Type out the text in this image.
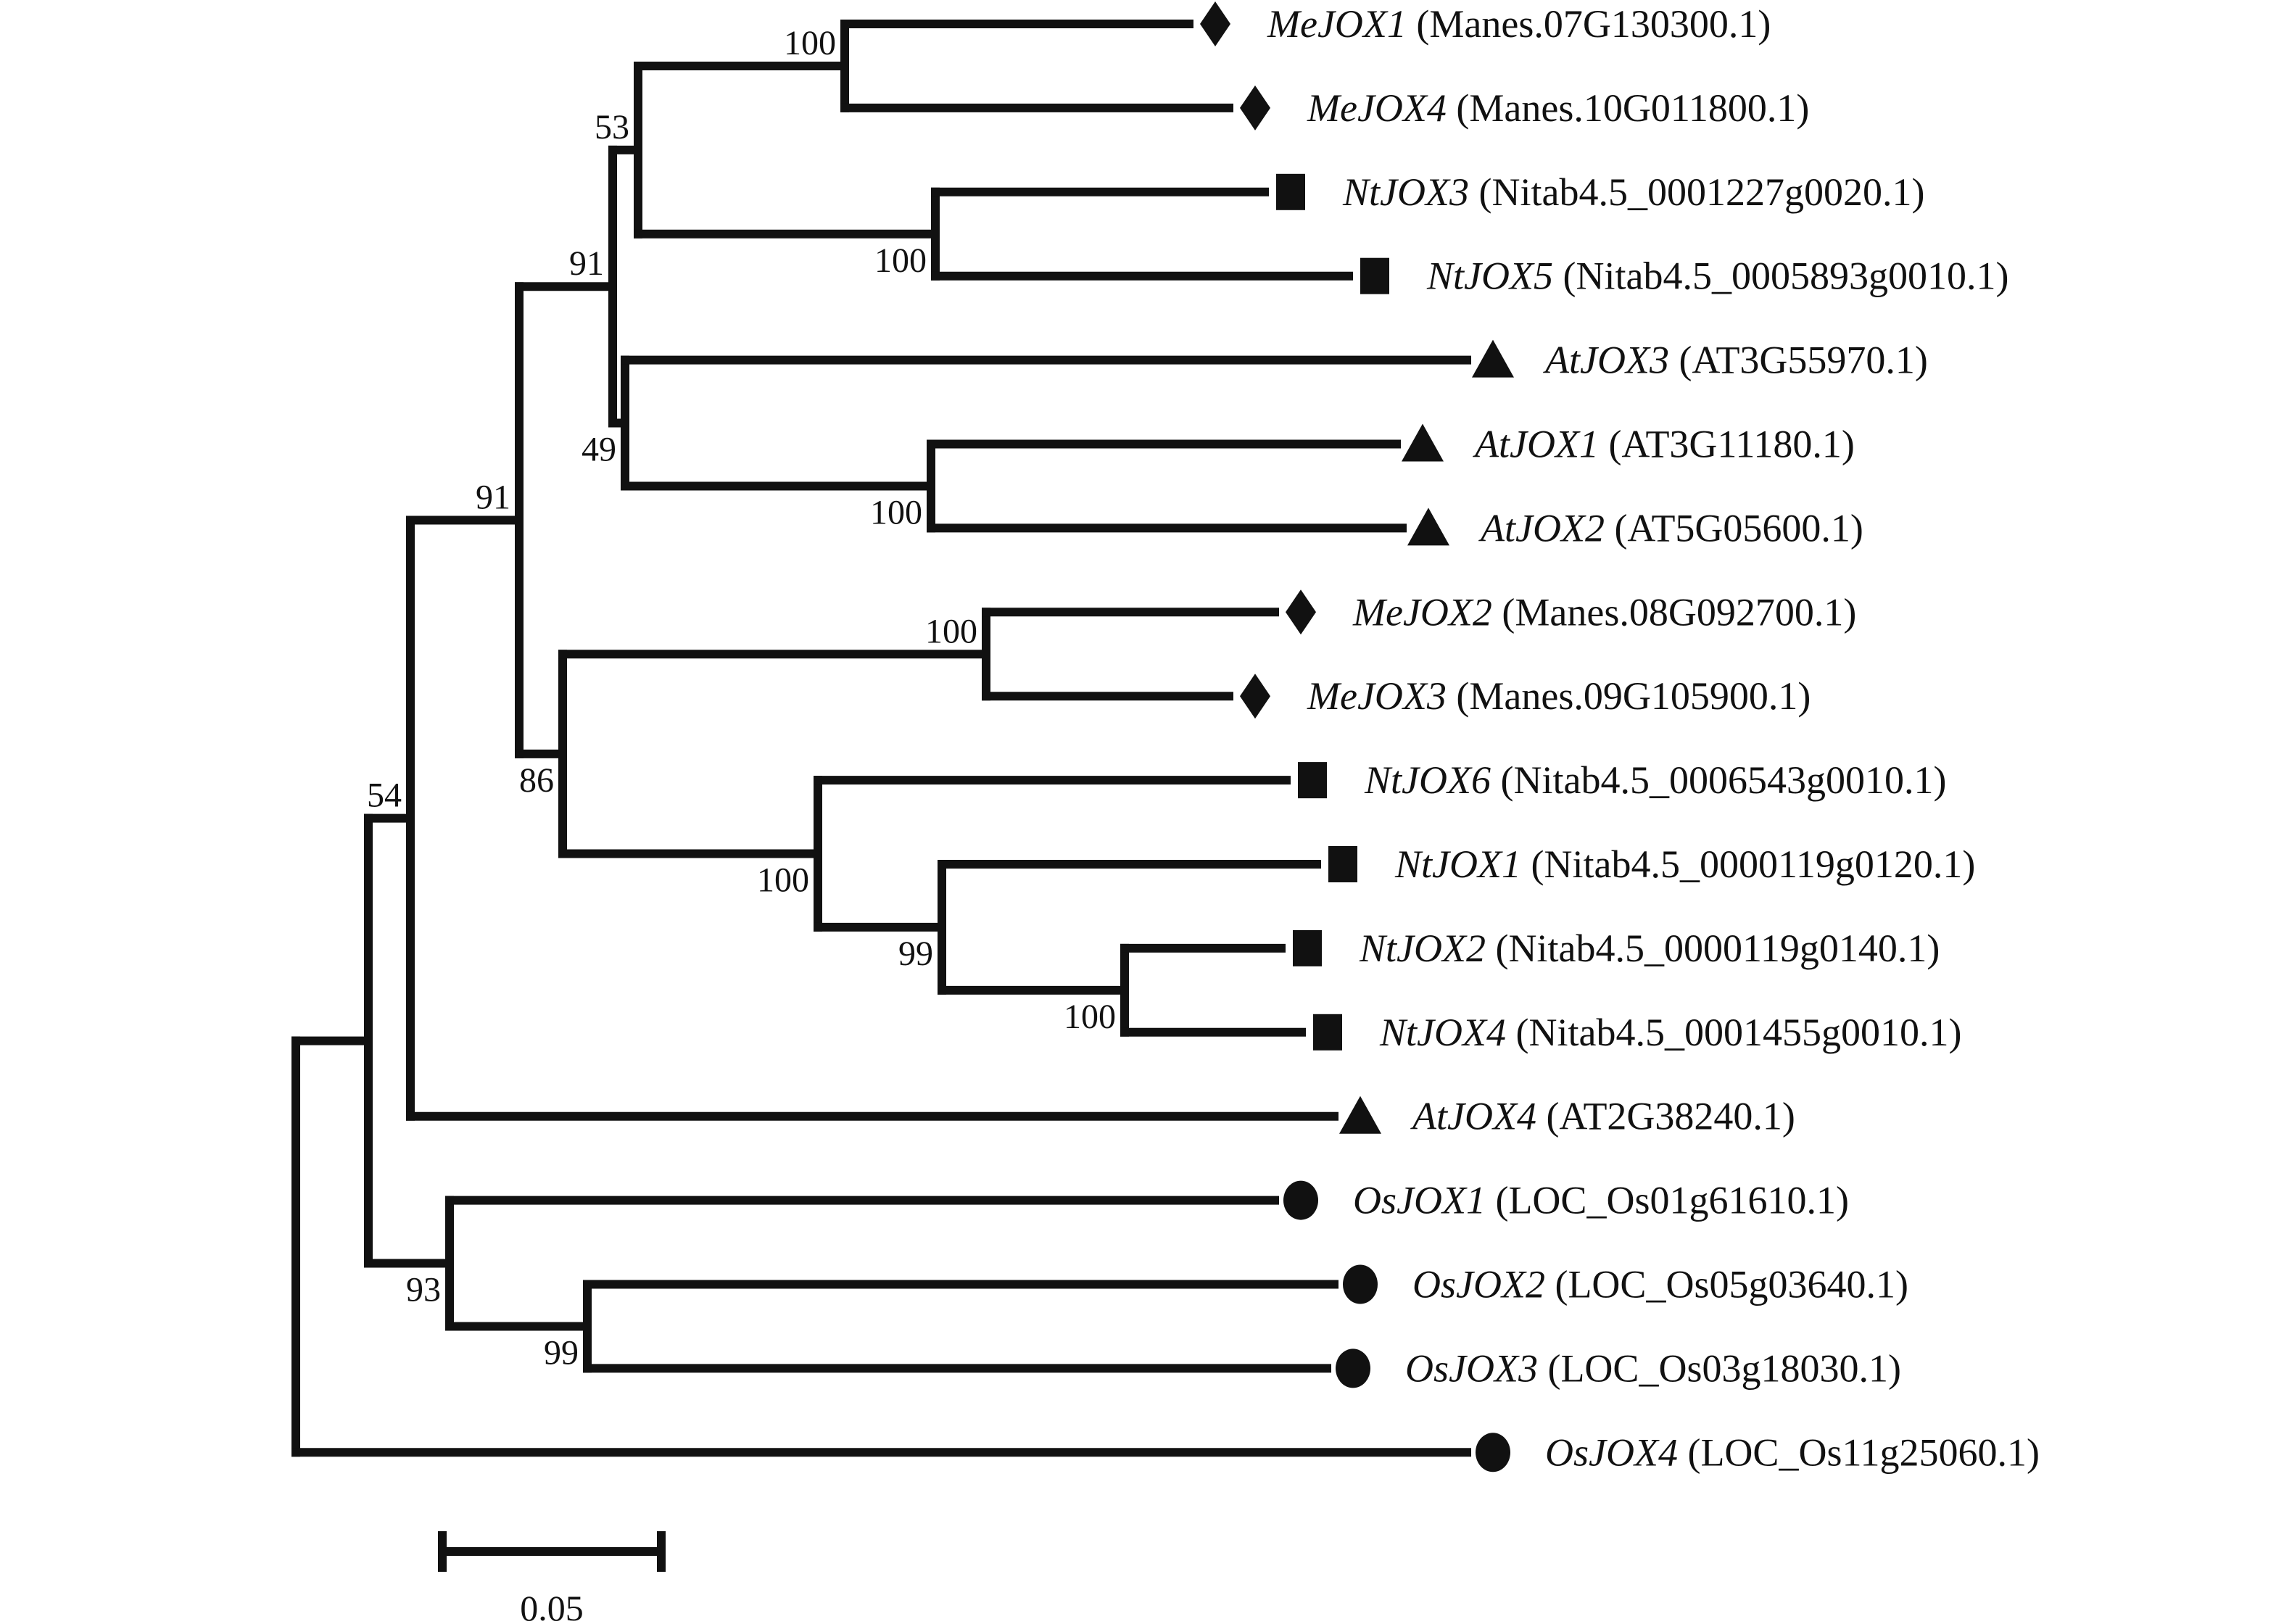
MeJOX1 (Manes.07G130300.1)
MeJOX4 (Manes.10G011800.1)
100
NtJOX3 (Nitab4.5_0001227g0020.1)
NtJOX5 (Nitab4.5_0005893g0010.1)
100
53
AtJOX3 (AT3G55970.1)
AtJOX1 (AT3G11180.1)
AtJOX2 (AT5G05600.1)
100
49
91
MeJOX2 (Manes.08G092700.1)
MeJOX3 (Manes.09G105900.1)
100
NtJOX6 (Nitab4.5_0006543g0010.1)
NtJOX1 (Nitab4.5_0000119g0120.1)
NtJOX2 (Nitab4.5_0000119g0140.1)
NtJOX4 (Nitab4.5_0001455g0010.1)
100
99
100
86
91
AtJOX4 (AT2G38240.1)
54
OsJOX1 (LOC_Os01g61610.1)
OsJOX2 (LOC_Os05g03640.1)
OsJOX3 (LOC_Os03g18030.1)
99
93
OsJOX4 (LOC_Os11g25060.1)
0.05
